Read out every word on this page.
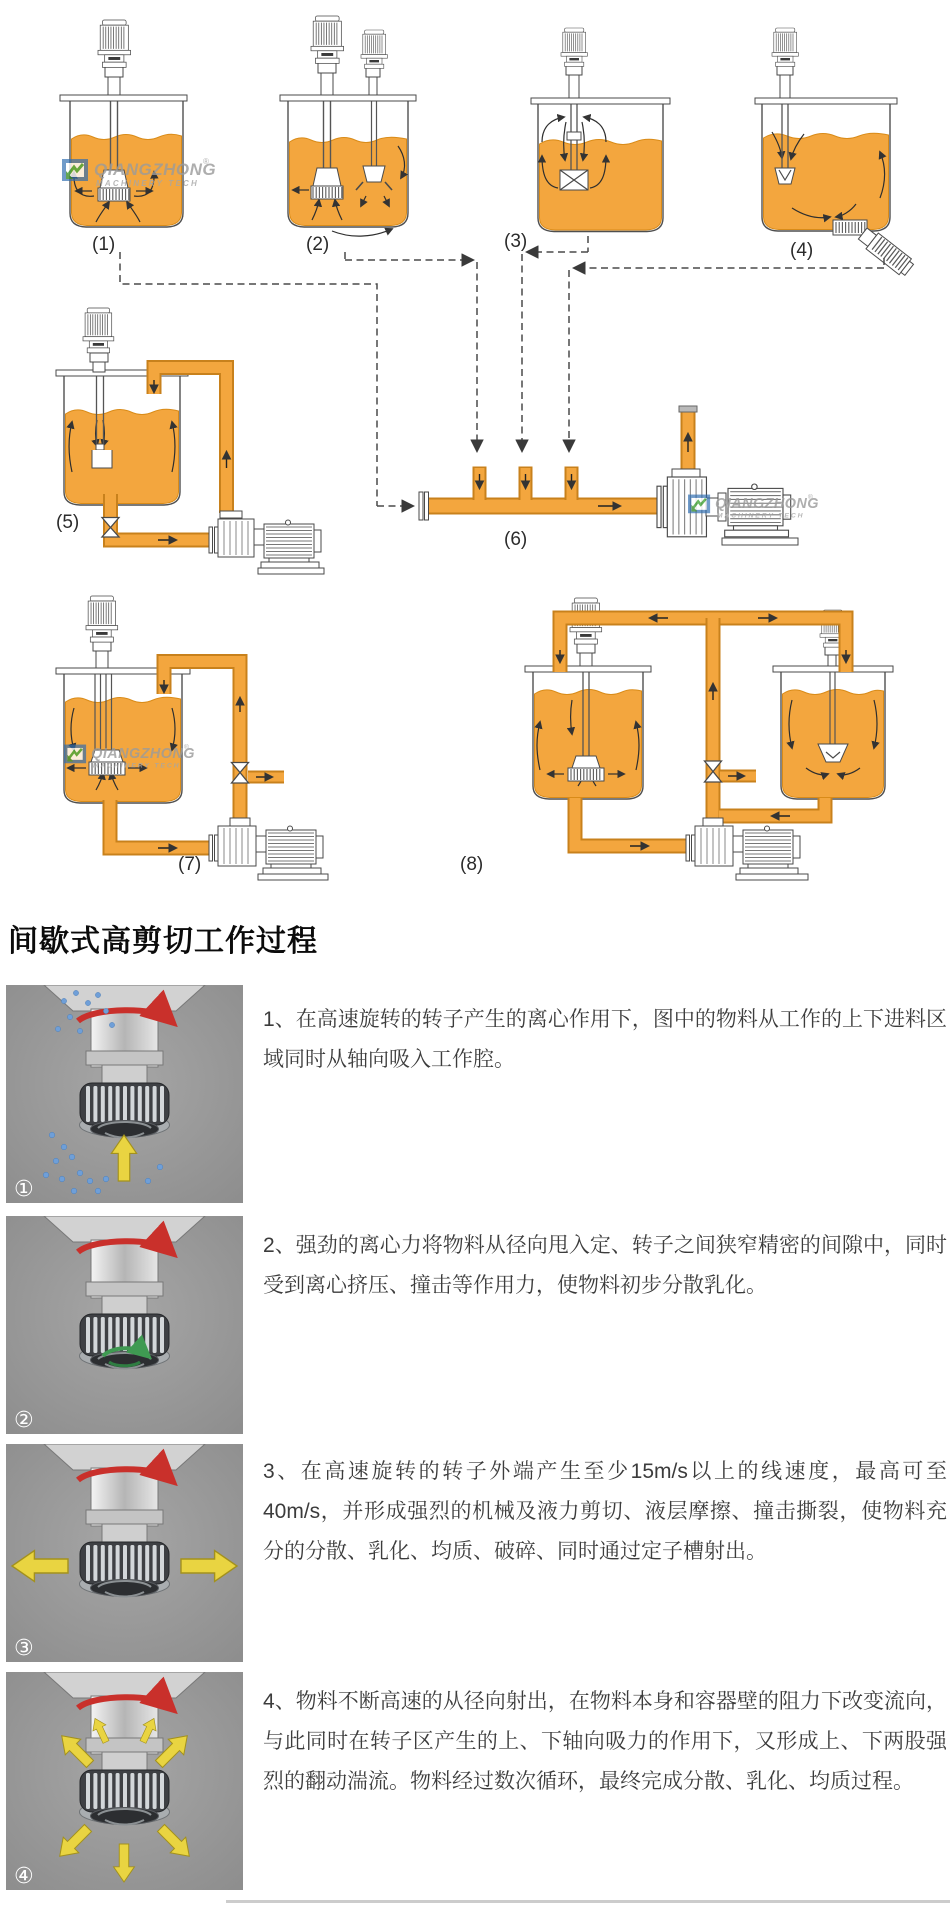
(1)	(2)	(3)	(4)
(5)
(6)
(7)	(8)
间歇式高剪切工作过程
①

1、在高速旋转的转子产生的离心作用下，图中的物料从工作的上下进料区域同时从轴向吸入工作腔。

②

2、强劲的离心力将物料从径向甩入定、转子之间狭窄精密的间隙中，同时受到离心挤压、撞击等作用力，使物料初步分散乳化。

③

3、在高速旋转的转子外端产生至少15m/s以上的线速度，最高可至40m/s，并形成强烈的机械及液力剪切、液层摩擦、撞击撕裂，使物料充分的分散、乳化、均质、破碎、同时通过定子槽射出。

④

4、物料不断高速的从径向射出，在物料本身和容器壁的阻力下改变流向，与此同时在转子区产生的上、下轴向吸力的作用下，又形成上、下两股强烈的翻动湍流。物料经过数次循环，最终完成分散、乳化、均质过程。
